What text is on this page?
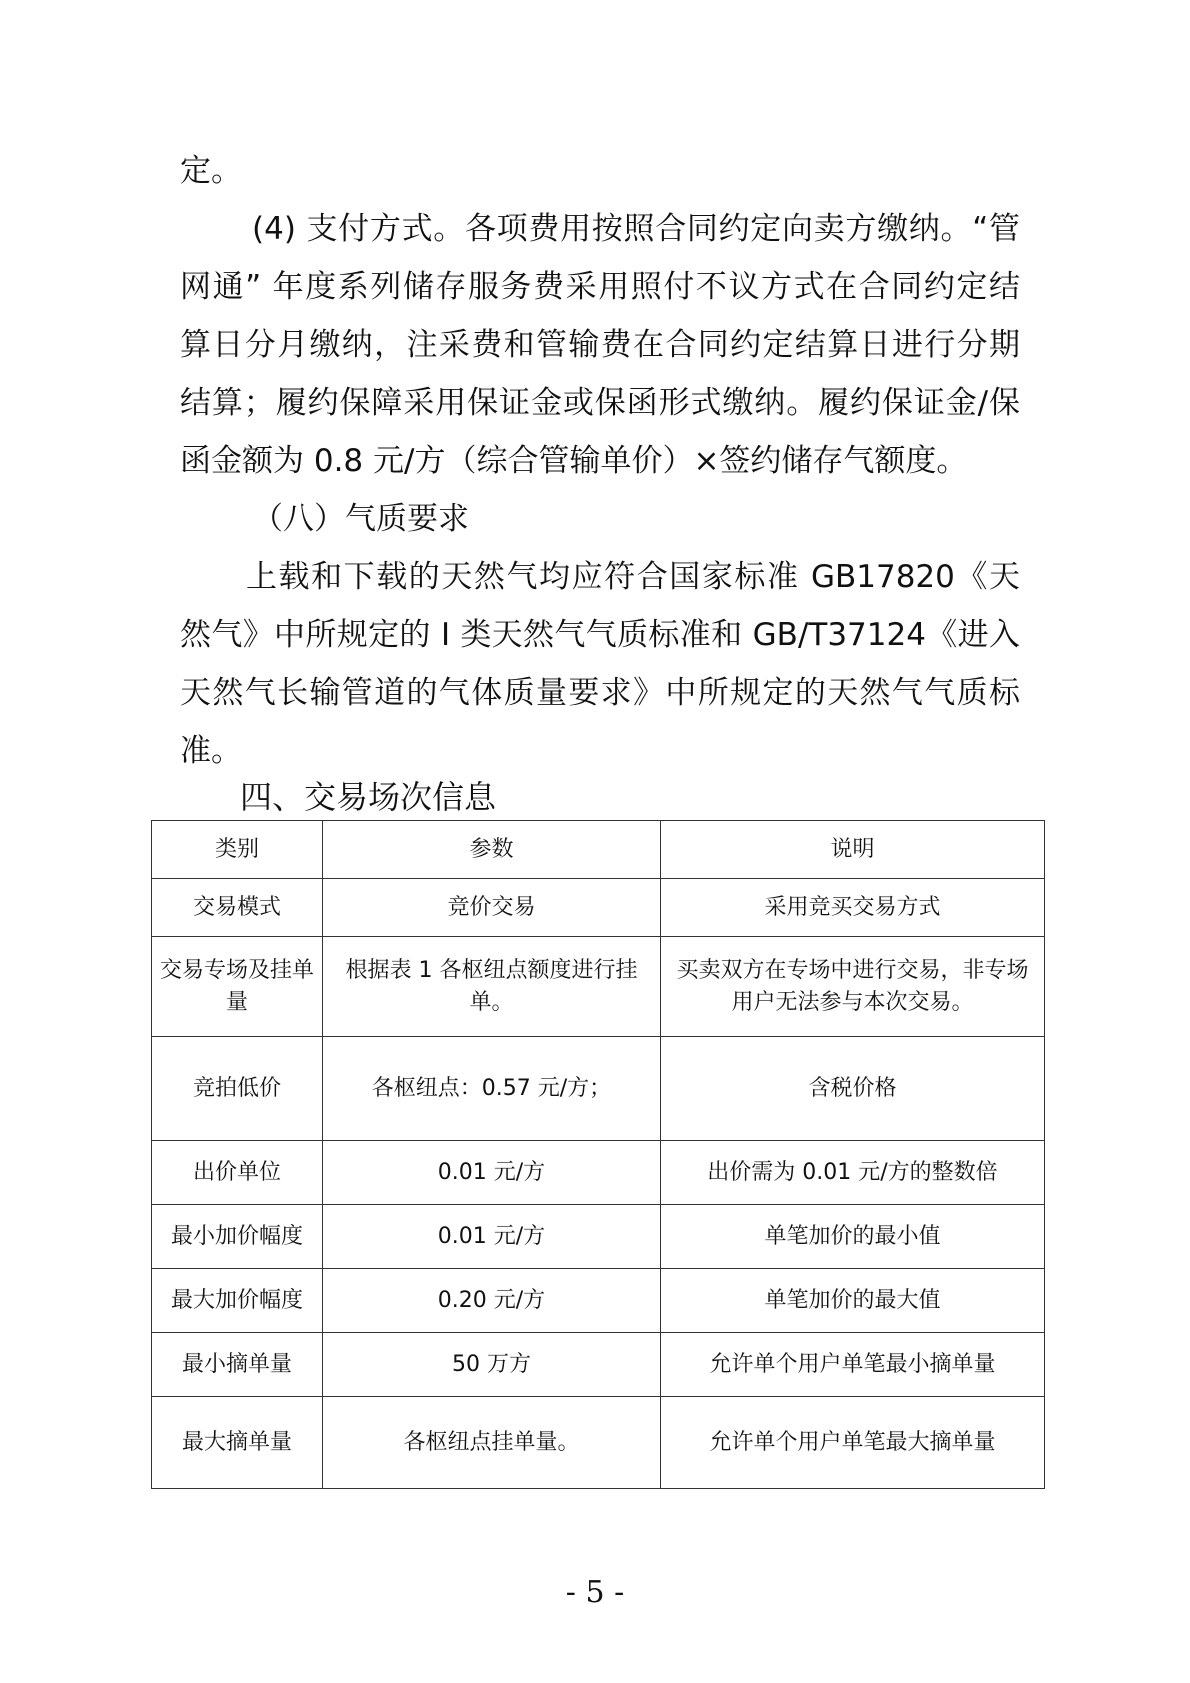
定。
(4) 支付方式。各项费用按照合同约定向卖方缴纳。“管
网通” 年度系列储存服务费采用照付不议方式在合同约定结
算日分月缴纳，注采费和管输费在合同约定结算日进行分期
结算；履约保障采用保证金或保函形式缴纳。履约保证金/保
函金额为 0.8 元/方（综合管输单价）×签约储存气额度。
（八）气质要求
上载和下载的天然气均应符合国家标准 GB17820《天
然气》中所规定的 I 类天然气气质标准和 GB/T37124《进入
天然气长输管道的气体质量要求》中所规定的天然气气质标
准。
四、交易场次信息
类别	参数	说明
交易模式	竞价交易	采用竞买交易方式
交易专场及挂单量	根据表 1 各枢纽点额度进行挂单。	买卖双方在专场中进行交易，非专场用户无法参与本次交易。
竞拍低价	各枢纽点：0.57 元/方；	含税价格
出价单位	0.01 元/方	出价需为 0.01 元/方的整数倍
最小加价幅度	0.01 元/方	单笔加价的最小值
最大加价幅度	0.20 元/方	单笔加价的最大值
最小摘单量	50 万方	允许单个用户单笔最小摘单量
最大摘单量	各枢纽点挂单量。	允许单个用户单笔最大摘单量
- 5 -
